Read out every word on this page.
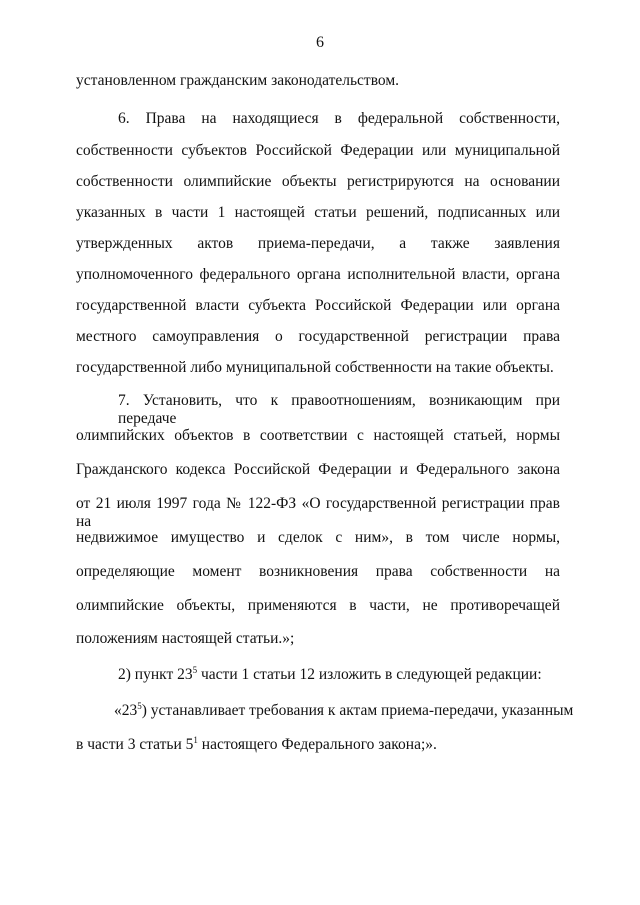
6
установленном гражданским законодательством.
6. Права на находящиеся в федеральной собственности,
собственности субъектов Российской Федерации или муниципальной
собственности олимпийские объекты регистрируются на основании
указанных в части 1 настоящей статьи решений, подписанных или
утвержденных актов приема-передачи, а также заявления
уполномоченного федерального органа исполнительной власти, органа
государственной власти субъекта Российской Федерации или органа
местного самоуправления о государственной регистрации права
государственной либо муниципальной собственности на такие объекты.
7. Установить, что к правоотношениям, возникающим при передаче
олимпийских объектов в соответствии с настоящей статьей, нормы
Гражданского кодекса Российской Федерации и Федерального закона
от 21 июля 1997 года № 122-ФЗ «О государственной регистрации прав на
недвижимое имущество и сделок с ним», в том числе нормы,
определяющие момент возникновения права собственности на
олимпийские объекты, применяются в части, не противоречащей
положениям настоящей статьи.»;
2) пункт $23^5$ части 1 статьи 12 изложить в следующей редакции:
«$23^5$) устанавливает требования к актам приема-передачи, указанным
в части 3 статьи $5^1$ настоящего Федерального закона;».
